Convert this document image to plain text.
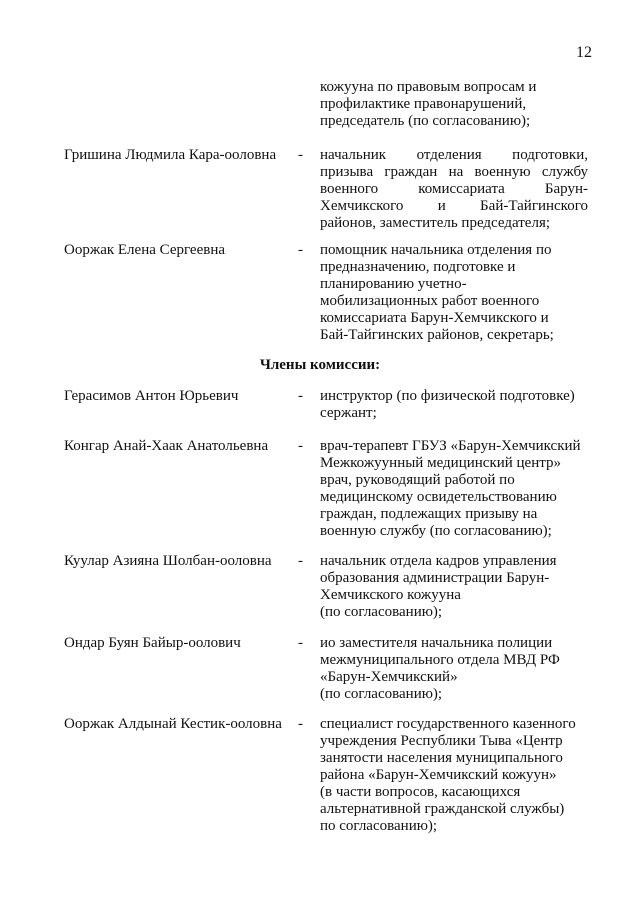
12
кожууна по правовым вопросам и
профилактике правонарушений,
председатель (по согласованию);
Гришина Людмила Кара-ооловна	-	начальник отделения подготовки,
призыва граждан на военную службу
военного комиссариата Барун-
Хемчикского и Бай-Тайгинского
районов, заместитель председателя;
Ооржак Елена Сергеевна	-	помощник начальника отделения по
предназначению, подготовке и
планированию учетно-
мобилизационных работ военного
комиссариата Барун-Хемчикского и
Бай-Тайгинских районов, секретарь;
Члены комиссии:
Герасимов Антон Юрьевич	-	инструктор (по физической подготовке)
сержант;
Конгар Анай-Хаак Анатольевна	-	врач-терапевт ГБУЗ «Барун-Хемчикский
Межкожуунный медицинский центр»
врач, руководящий работой по
медицинскому освидетельствованию
граждан, подлежащих призыву на
военную службу (по согласованию);
Куулар Азияна Шолбан-ооловна	-	начальник отдела кадров управления
образования администрации Барун-
Хемчикского кожууна
(по согласованию);
Ондар Буян Байыр-оолович	-	ио заместителя начальника полиции
межмуниципального отдела МВД РФ
«Барун-Хемчикский»
(по согласованию);
Ооржак Алдынай Кестик-ооловна	-	специалист государственного казенного
учреждения Республики Тыва «Центр
занятости населения муниципального
района «Барун-Хемчикский кожуун»
(в части вопросов, касающихся
альтернативной гражданской службы)
по согласованию);
